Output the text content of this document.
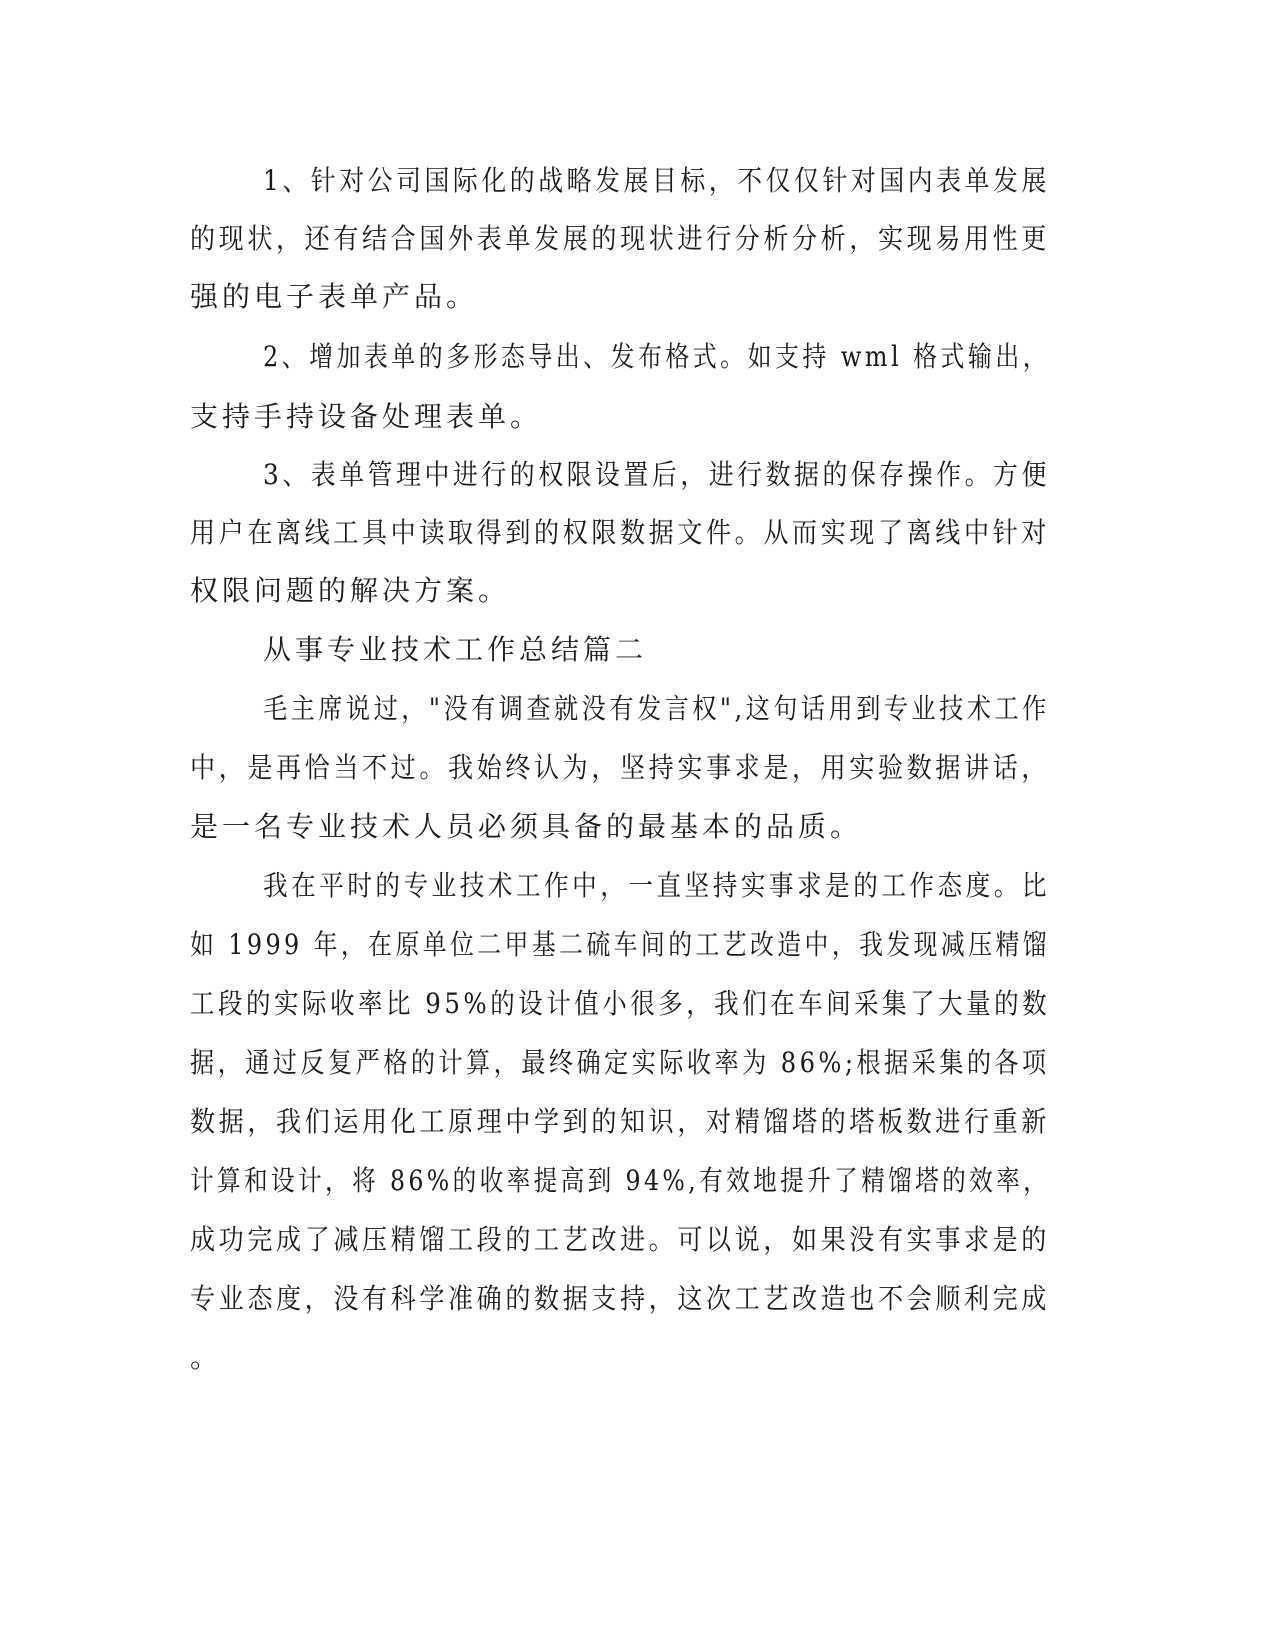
1、针对公司国际化的战略发展目标，不仅仅针对国内表单发展

的现状，还有结合国外表单发展的现状进行分析分析，实现易用性更

强的电子表单产品。

2、增加表单的多形态导出、发布格式。如支持 wml 格式输出，

支持手持设备处理表单。

3、表单管理中进行的权限设置后，进行数据的保存操作。方便

用户在离线工具中读取得到的权限数据文件。从而实现了离线中针对

权限问题的解决方案。

从事专业技术工作总结篇二

毛主席说过，"没有调查就没有发言权",这句话用到专业技术工作

中，是再恰当不过。我始终认为，坚持实事求是，用实验数据讲话，

是一名专业技术人员必须具备的最基本的品质。

我在平时的专业技术工作中，一直坚持实事求是的工作态度。比

如 1999 年，在原单位二甲基二硫车间的工艺改造中，我发现减压精馏

工段的实际收率比 95%的设计值小很多，我们在车间采集了大量的数

据，通过反复严格的计算，最终确定实际收率为 86%;根据采集的各项

数据，我们运用化工原理中学到的知识，对精馏塔的塔板数进行重新

计算和设计，将 86%的收率提高到 94%,有效地提升了精馏塔的效率，

成功完成了减压精馏工段的工艺改进。可以说，如果没有实事求是的

专业态度，没有科学准确的数据支持，这次工艺改造也不会顺利完成

。
